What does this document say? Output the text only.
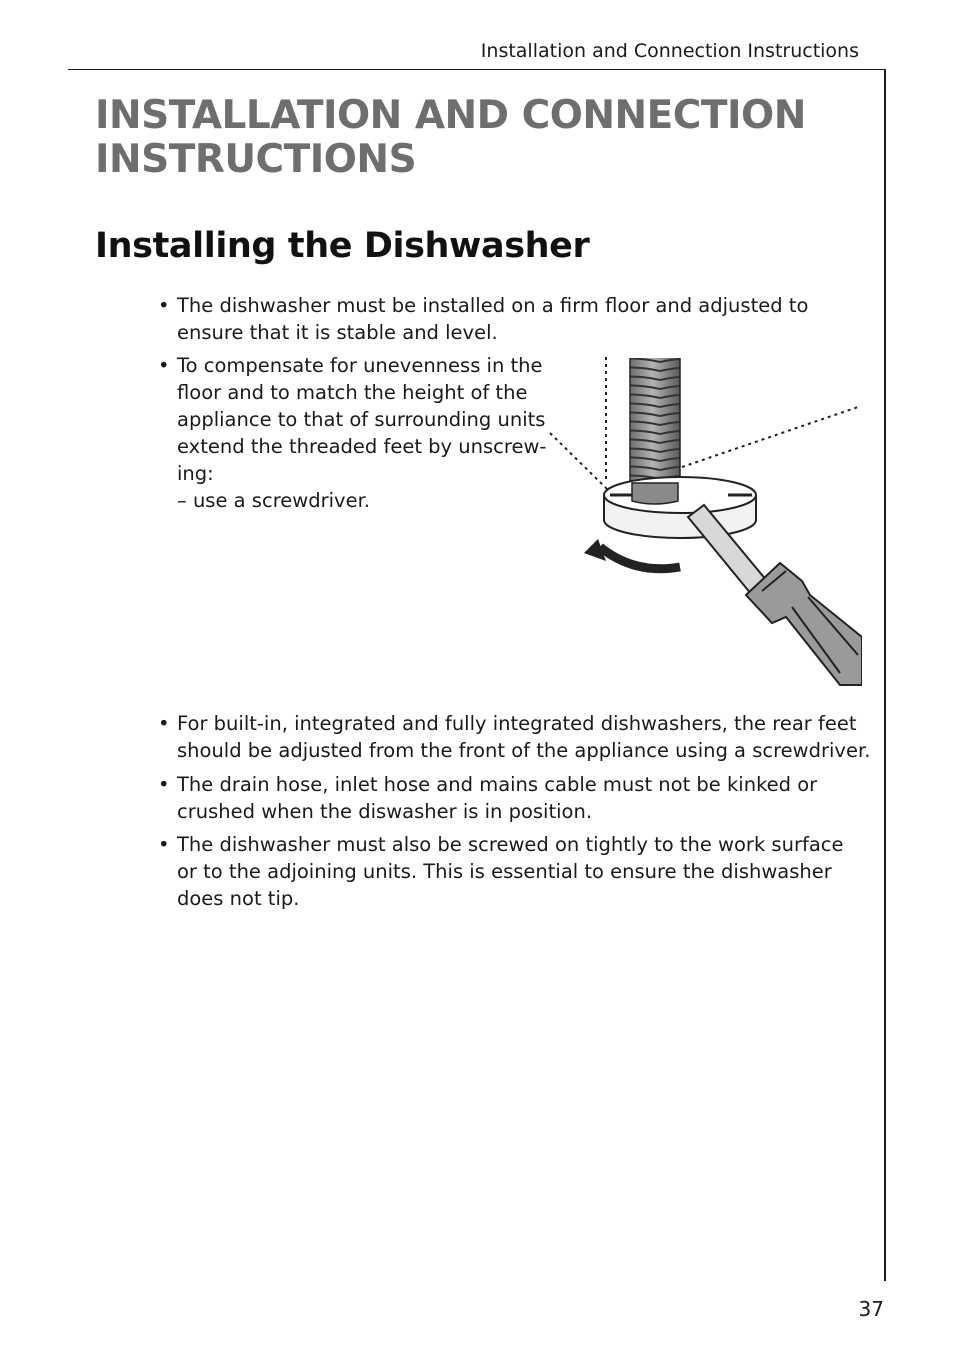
Installation and Connection Instructions
INSTALLATION AND CONNECTION
INSTRUCTIONS
Installing the Dishwasher
• The dishwasher must be installed on a firm floor and adjusted to
ensure that it is stable and level.
• To compensate for unevenness in the
floor and to match the height of the
appliance to that of surrounding units
extend the threaded feet by unscrew-
ing:
– use a screwdriver.
• For built-in, integrated and fully integrated dishwashers, the rear feet
should be adjusted from the front of the appliance using a screwdriver.
• The drain hose, inlet hose and mains cable must not be kinked or
crushed when the diswasher is in position.
• The dishwasher must also be screwed on tightly to the work surface
or to the adjoining units. This is essential to ensure the dishwasher
does not tip.
37
